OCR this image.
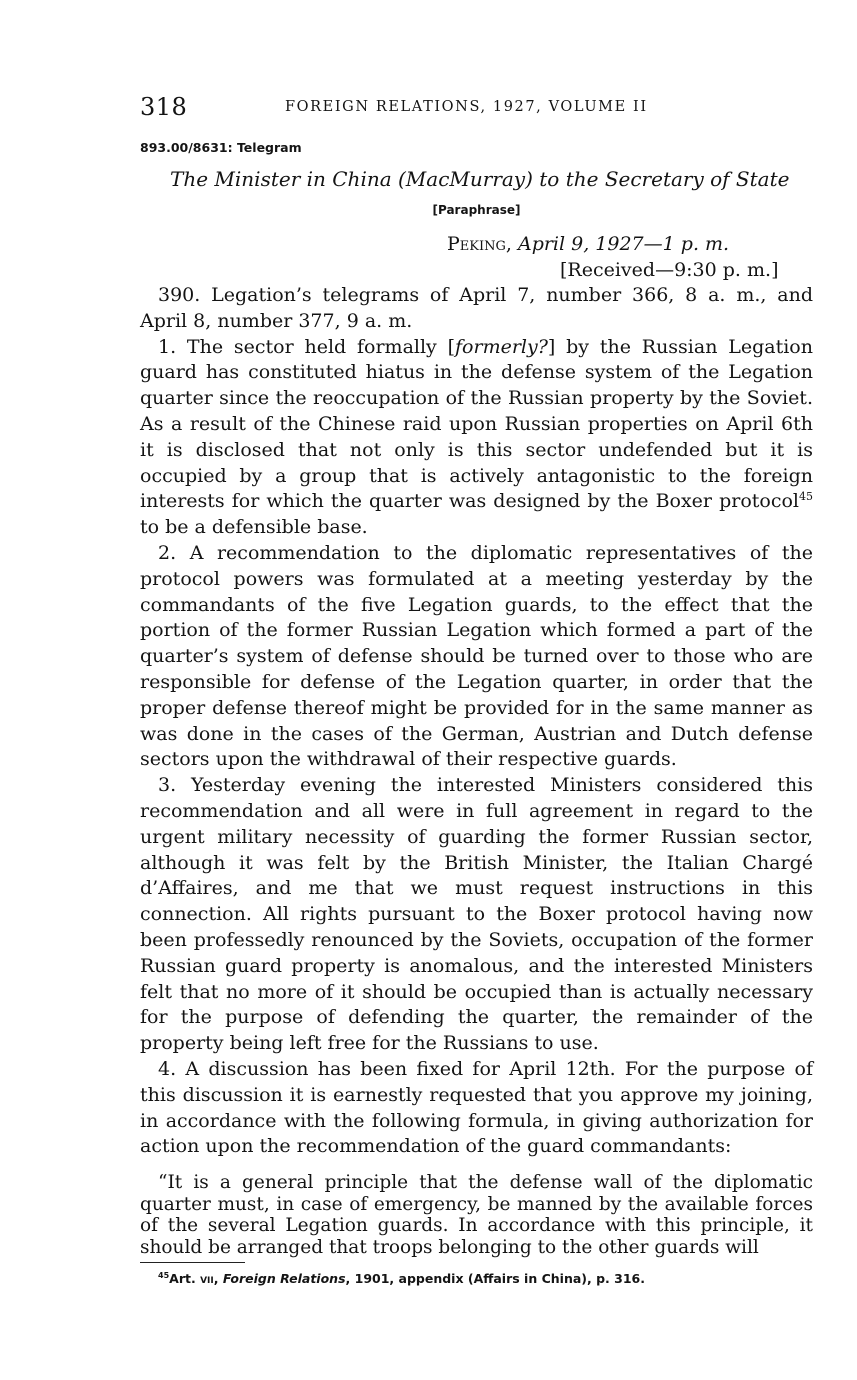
318	FOREIGN RELATIONS, 1927, VOLUME II
893.00/8631: Telegram
The Minister in China (MacMurray) to the Secretary of State
[Paraphrase]
Peking, April 9, 1927—1 p. m.
[Received—9:30 p. m.]

390. Legation’s telegrams of April 7, number 366, 8 a. m., and April 8, number 377, 9 a. m.

1. The sector held formally [formerly?] by the Russian Legation guard has constituted hiatus in the defense system of the Legation quarter since the reoccupation of the Russian property by the Soviet. As a result of the Chinese raid upon Russian properties on April 6th it is disclosed that not only is this sector undefended but it is occupied by a group that is actively antagonistic to the foreign interests for which the quarter was designed by the Boxer protocol$^{45}$ to be a defensible base.

2. A recommendation to the diplomatic representatives of the protocol powers was formulated at a meeting yesterday by the commandants of the five Legation guards, to the effect that the portion of the former Russian Legation which formed a part of the quarter’s system of defense should be turned over to those who are responsible for defense of the Legation quarter, in order that the proper defense thereof might be provided for in the same manner as was done in the cases of the German, Austrian and Dutch defense sectors upon the withdrawal of their respective guards.

3. Yesterday evening the interested Ministers considered this recommendation and all were in full agreement in regard to the urgent military necessity of guarding the former Russian sector, although it was felt by the British Minister, the Italian Chargé d’Affaires, and me that we must request instructions in this connection. All rights pursuant to the Boxer protocol having now been professedly renounced by the Soviets, occupation of the former Russian guard property is anomalous, and the interested Ministers felt that no more of it should be occupied than is actually necessary for the purpose of defending the quarter, the remainder of the property being left free for the Russians to use.

4. A discussion has been fixed for April 12th. For the purpose of this discussion it is earnestly requested that you approve my joining, in accordance with the following formula, in giving authorization for action upon the recommendation of the guard commandants:

“It is a general principle that the defense wall of the diplomatic quarter must, in case of emergency, be manned by the available forces of the several Legation guards. In accordance with this principle, it should be arranged that troops belonging to the other guards will
$^{45}$Art. vii, Foreign Relations, 1901, appendix (Affairs in China), p. 316.
